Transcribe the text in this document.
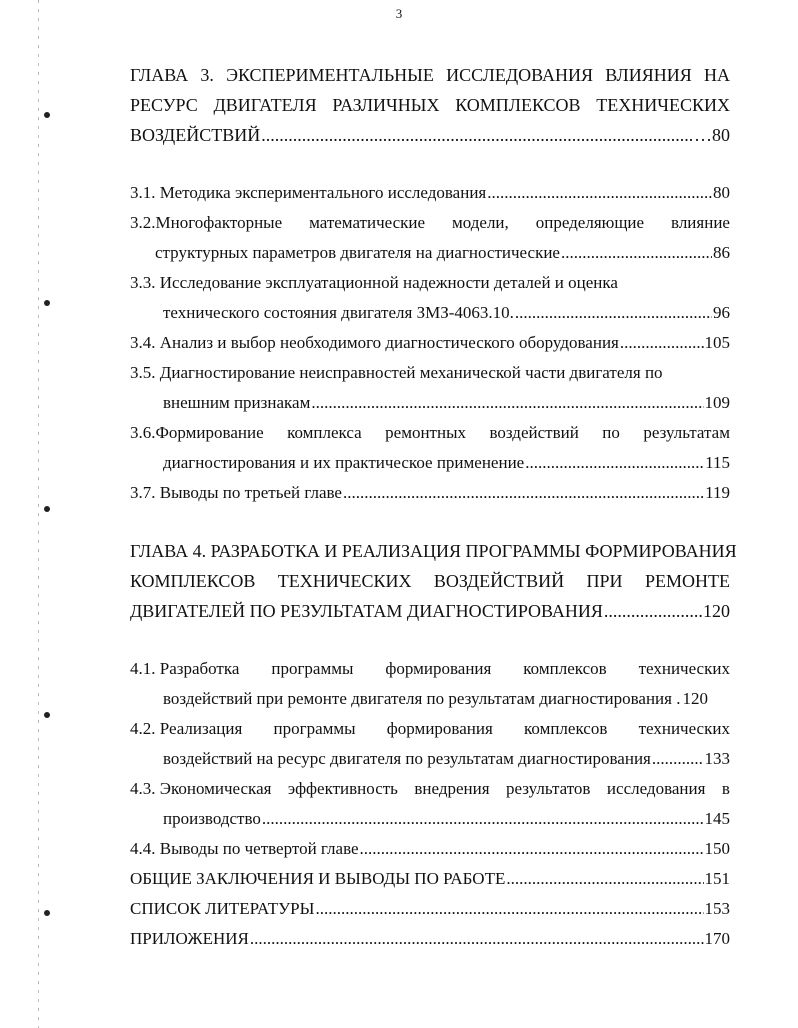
3
ГЛАВА 3. ЭКСПЕРИМЕНТАЛЬНЫЕ ИССЛЕДОВАНИЯ ВЛИЯНИЯ НА
РЕСУРС ДВИГАТЕЛЯ РАЗЛИЧНЫХ КОМПЛЕКСОВ ТЕХНИЧЕСКИХ
ВОЗДЕЙСТВИЙ .....	…80
3.1. Методика экспериментального исследования .....	80
3.2.Многофакторные математические модели, определяющие влияние
структурных параметров двигателя на диагностические .....	86
3.3. Исследование эксплуатационной надежности деталей и оценка
технического состояния двигателя ЗМЗ-4063.10. .....	96
3.4. Анализ и выбор необходимого диагностического оборудования .....	105
3.5. Диагностирование неисправностей механической части двигателя по
внешним признакам .....	109
3.6.Формирование комплекса ремонтных воздействий по результатам
диагностирования и их практическое применение .....	115
3.7. Выводы по третьей главе .....	119
ГЛАВА 4. РАЗРАБОТКА И РЕАЛИЗАЦИЯ ПРОГРАММЫ ФОРМИРОВАНИЯ
КОМПЛЕКСОВ ТЕХНИЧЕСКИХ ВОЗДЕЙСТВИЙ ПРИ РЕМОНТЕ
ДВИГАТЕЛЕЙ ПО РЕЗУЛЬТАТАМ ДИАГНОСТИРОВАНИЯ .....	120
4.1. Разработка программы формирования комплексов технических
воздействий при ремонте двигателя по результатам диагностирования . 120
4.2. Реализация программы формирования комплексов технических
воздействий на ресурс двигателя по результатам диагностирования .....	133
4.3. Экономическая эффективность внедрения результатов исследования в
производство .....	145
4.4. Выводы по четвертой главе .....	150
ОБЩИЕ ЗАКЛЮЧЕНИЯ И ВЫВОДЫ ПО РАБОТЕ .....	151
СПИСОК ЛИТЕРАТУРЫ .....	153
ПРИЛОЖЕНИЯ .....	170
